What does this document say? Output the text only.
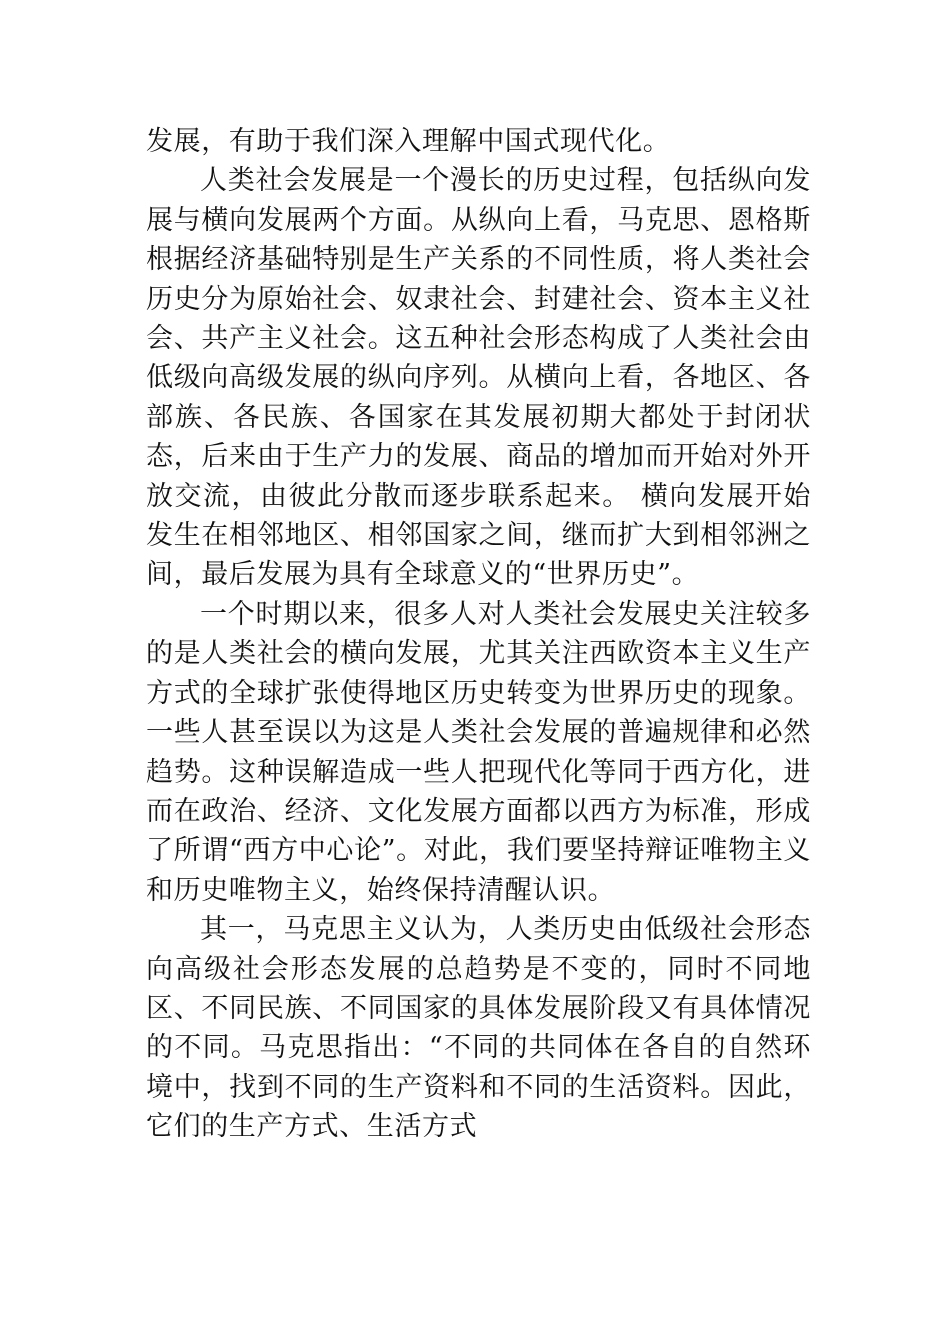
发展，有助于我们深入理解中国式现代化。

人类社会发展是一个漫长的历史过程，包括纵向发展与横向发展两个方面。从纵向上看，马克思、恩格斯根据经济基础特别是生产关系的不同性质，将人类社会历史分为原始社会、奴隶社会、封建社会、资本主义社会、共产主义社会。这五种社会形态构成了人类社会由低级向高级发展的纵向序列。从横向上看，各地区、各部族、各民族、各国家在其发展初期大都处于封闭状态，后来由于生产力的发展、商品的增加而开始对外开放交流，由彼此分散而逐步联系起来。 横向发展开始发生在相邻地区、相邻国家之间，继而扩大到相邻洲之间，最后发展为具有全球意义的“世界历史”。

一个时期以来，很多人对人类社会发展史关注较多的是人类社会的横向发展，尤其关注西欧资本主义生产方式的全球扩张使得地区历史转变为世界历史的现象。一些人甚至误以为这是人类社会发展的普遍规律和必然趋势。这种误解造成一些人把现代化等同于西方化，进而在政治、经济、文化发展方面都以西方为标准，形成了所谓“西方中心论”。对此，我们要坚持辩证唯物主义和历史唯物主义，始终保持清醒认识。

其一，马克思主义认为，人类历史由低级社会形态向高级社会形态发展的总趋势是不变的，同时不同地区、不同民族、不同国家的具体发展阶段又有具体情况的不同。马克思指出：“不同的共同体在各自的自然环境中，找到不同的生产资料和不同的生活资料。因此，它们的生产方式、生活方式
